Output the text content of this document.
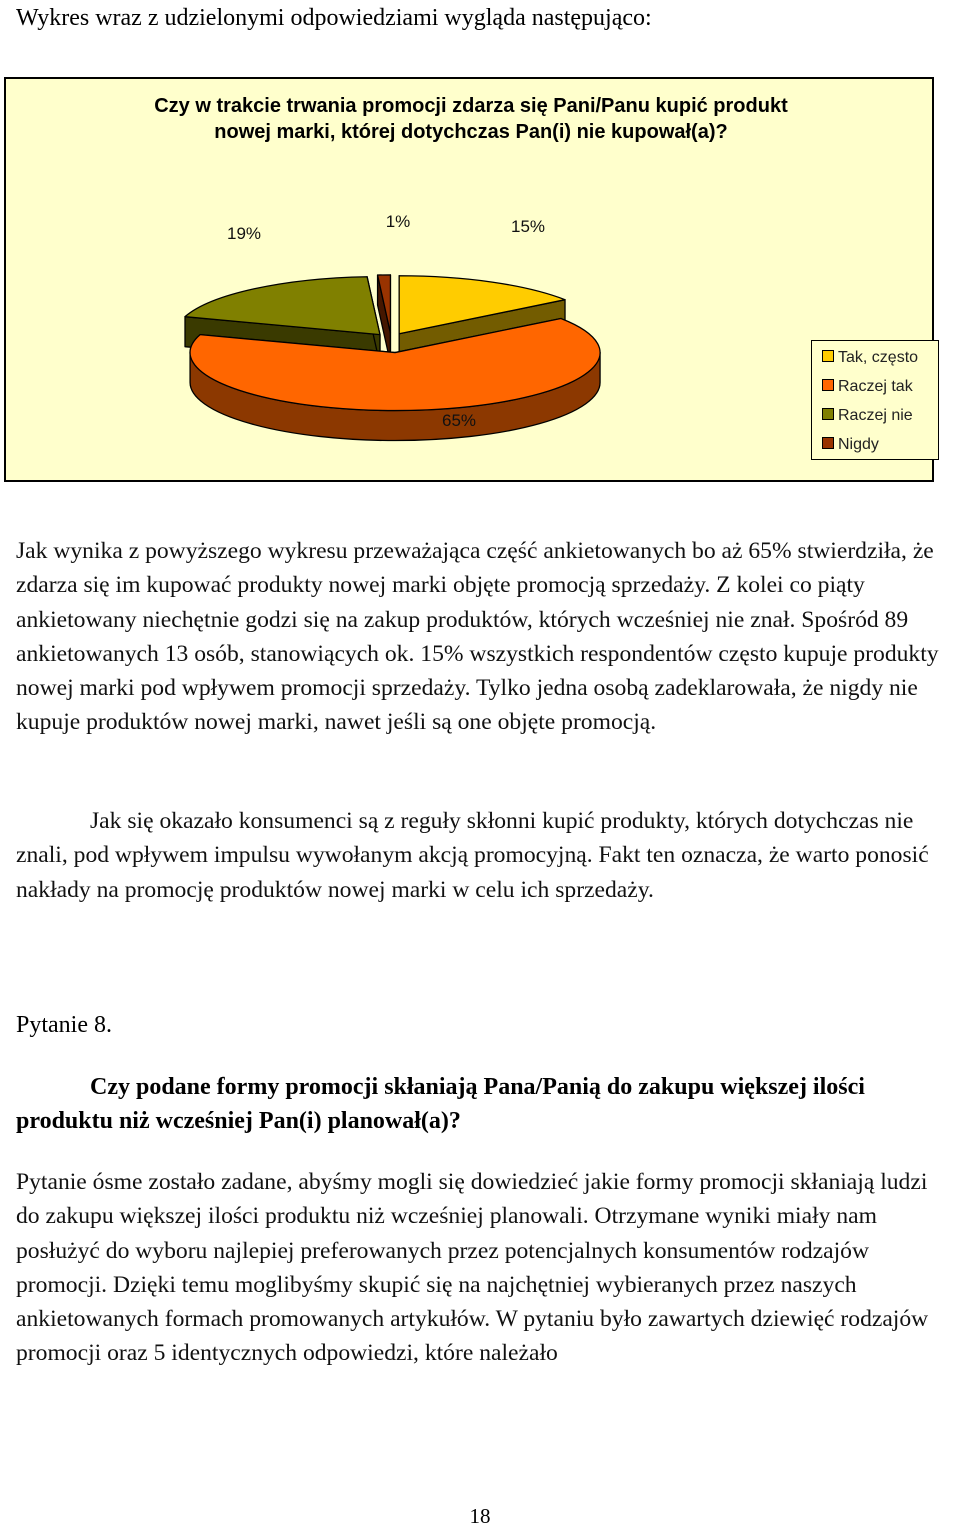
Wykres wraz z udzielonymi odpowiedziami wygląda następująco:
Czy w trakcie trwania promocji zdarza się Pani/Panu kupić produkt
nowej marki, której dotychczas Pan(i) nie kupował(a)?
15%
65%
19%
1%
Tak, często
Raczej tak
Raczej nie
Nigdy
Jak wynika z powyższego wykresu przeważająca część ankietowanych bo aż 65% stwierdziła, że zdarza się im kupować produkty nowej marki objęte promocją sprzedaży. Z kolei co piąty ankietowany niechętnie godzi się na zakup produktów, których wcześniej nie znał. Spośród 89 ankietowanych 13 osób, stanowiących ok. 15% wszystkich respondentów często kupuje produkty nowej marki pod wpływem promocji sprzedaży. Tylko jedna osobą zadeklarowała, że nigdy nie kupuje produktów nowej marki, nawet jeśli są one objęte promocją.
Jak się okazało konsumenci są z reguły skłonni kupić produkty, których dotychczas nie znali, pod wpływem impulsu wywołanym akcją promocyjną. Fakt ten oznacza, że warto ponosić nakłady na promocję produktów nowej marki w celu ich sprzedaży.
Pytanie 8.
Czy podane formy promocji skłaniają Pana/Panią do zakupu większej ilości produktu niż wcześniej Pan(i) planował(a)?
Pytanie ósme zostało zadane, abyśmy mogli się dowiedzieć jakie formy promocji skłaniają ludzi do zakupu większej ilości produktu niż wcześniej planowali. Otrzymane wyniki miały nam posłużyć do wyboru najlepiej preferowanych przez potencjalnych konsumentów rodzajów promocji. Dzięki temu moglibyśmy skupić się na najchętniej wybieranych przez naszych ankietowanych formach promowanych artykułów. W pytaniu było zawartych dziewięć rodzajów promocji oraz 5 identycznych odpowiedzi, które należało
18
